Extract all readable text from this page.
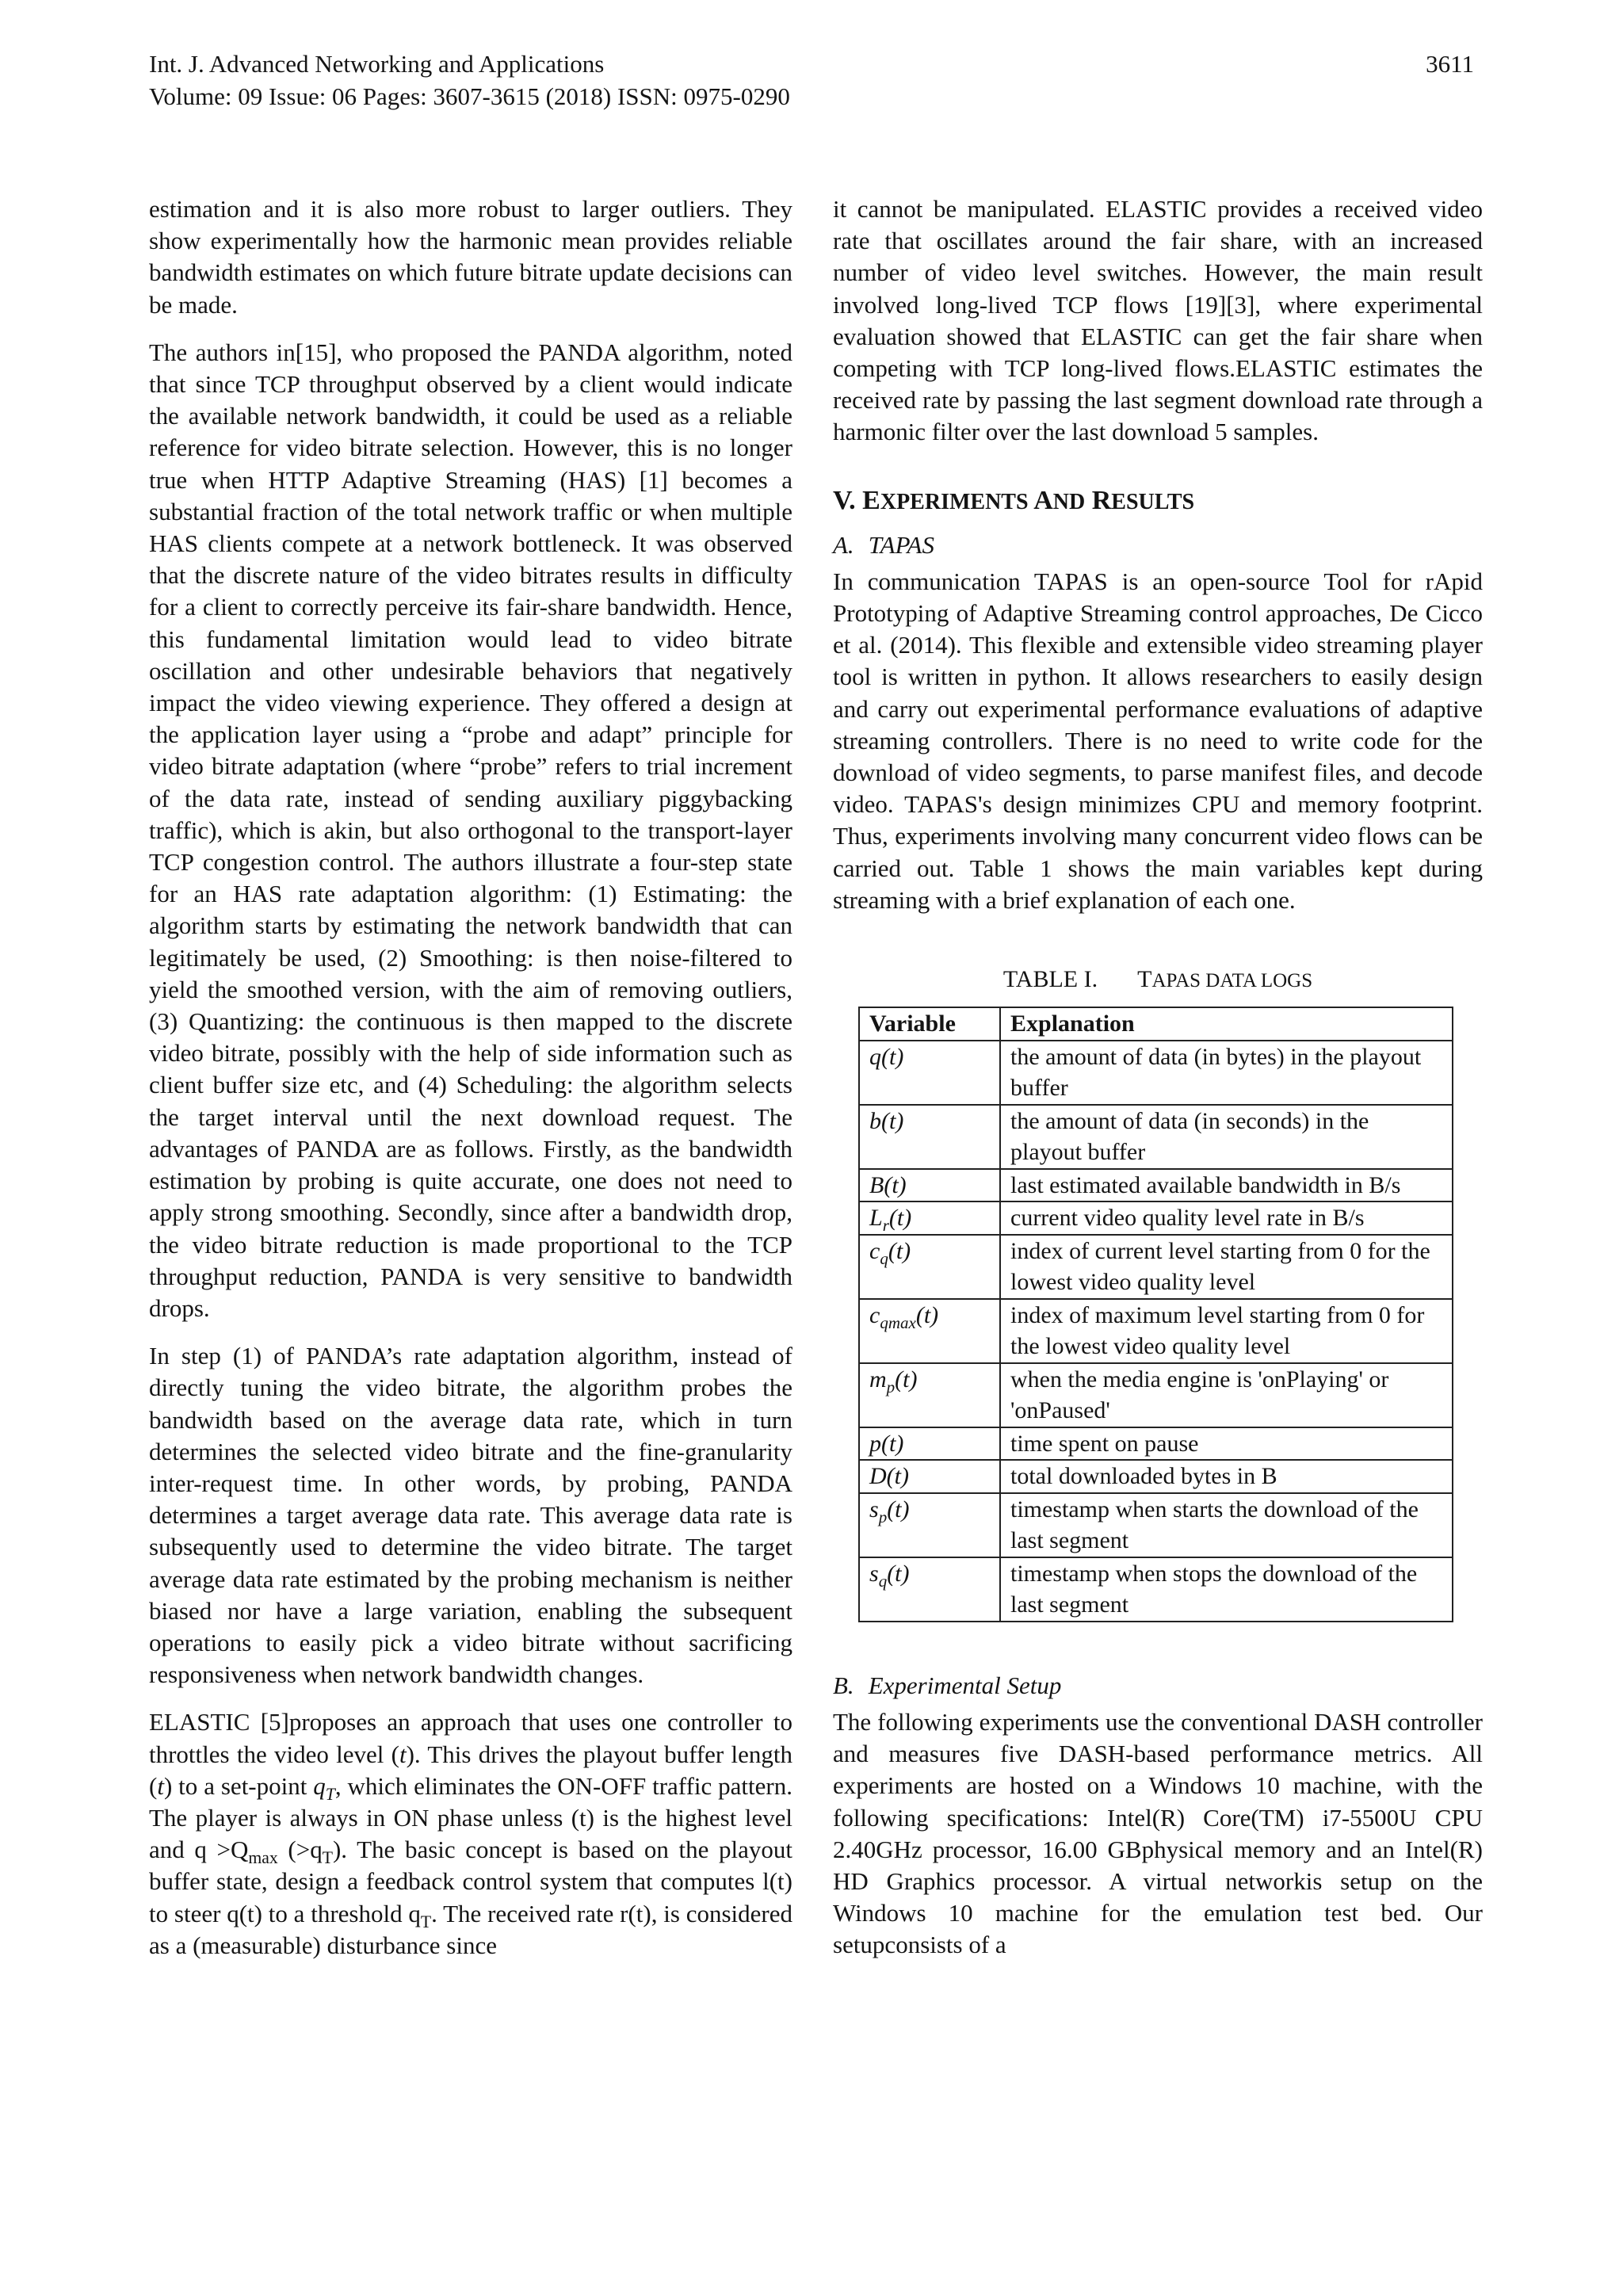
Int. J. Advanced Networking and Applications
Volume: 09 Issue: 06 Pages: 3607-3615 (2018) ISSN: 0975-0290
3611

estimation and it is also more robust to larger outliers. They show experimentally how the harmonic mean provides reliable bandwidth estimates on which future bitrate update decisions can be made.

The authors in[15], who proposed the PANDA algorithm, noted that since TCP throughput observed by a client would indicate the available network bandwidth, it could be used as a reliable reference for video bitrate selection. However, this is no longer true when HTTP Adaptive Streaming (HAS) [1] becomes a substantial fraction of the total network traffic or when multiple HAS clients compete at a network bottleneck. It was observed that the discrete nature of the video bitrates results in difficulty for a client to correctly perceive its fair-share bandwidth. Hence, this fundamental limitation would lead to video bitrate oscillation and other undesirable behaviors that negatively impact the video viewing experience. They offered a design at the application layer using a “probe and adapt” principle for video bitrate adaptation (where “probe” refers to trial increment of the data rate, instead of sending auxiliary piggybacking traffic), which is akin, but also orthogonal to the transport-layer TCP congestion control. The authors illustrate a four-step state for an HAS rate adaptation algorithm: (1) Estimating: the algorithm starts by estimating the network bandwidth that can legitimately be used, (2) Smoothing: is then noise-filtered to yield the smoothed version, with the aim of removing outliers, (3) Quantizing: the continuous is then mapped to the discrete video bitrate, possibly with the help of side information such as client buffer size etc, and (4) Scheduling: the algorithm selects the target interval until the next download request. The advantages of PANDA are as follows. Firstly, as the bandwidth estimation by probing is quite accurate, one does not need to apply strong smoothing. Secondly, since after a bandwidth drop, the video bitrate reduction is made proportional to the TCP throughput reduction, PANDA is very sensitive to bandwidth drops.

In step (1) of PANDA’s rate adaptation algorithm, instead of directly tuning the video bitrate, the algorithm probes the bandwidth based on the average data rate, which in turn determines the selected video bitrate and the fine-granularity inter-request time. In other words, by probing, PANDA determines a target average data rate. This average data rate is subsequently used to determine the video bitrate. The target average data rate estimated by the probing mechanism is neither biased nor have a large variation, enabling the subsequent operations to easily pick a video bitrate without sacrificing responsiveness when network bandwidth changes.

ELASTIC [5]proposes an approach that uses one controller to throttles the video level (t). This drives the playout buffer length (t) to a set-point $q_T$, which eliminates the ON-OFF traffic pattern. The player is always in ON phase unless (t) is the highest level and $q >Q_{max}$ $(>q_T)$. The basic concept is based on the playout buffer state, design a feedback control system that computes l(t) to steer q(t) to a threshold $q_T$. The received rate r(t), is considered as a (measurable) disturbance since

it cannot be manipulated. ELASTIC provides a received video rate that oscillates around the fair share, with an increased number of video level switches. However, the main result involved long-lived TCP flows [19][3], where experimental evaluation showed that ELASTIC can get the fair share when competing with TCP long-lived flows.ELASTIC estimates the received rate by passing the last segment download rate through a harmonic filter over the last download 5 samples.

V. EXPERIMENTS AND RESULTS
A. TAPAS

In communication TAPAS is an open-source Tool for rApid Prototyping of Adaptive Streaming control approaches, De Cicco et al. (2014). This flexible and extensible video streaming player tool is written in python. It allows researchers to easily design and carry out experimental performance evaluations of adaptive streaming controllers. There is no need to write code for the download of video segments, to parse manifest files, and decode video. TAPAS's design minimizes CPU and memory footprint. Thus, experiments involving many concurrent video flows can be carried out. Table 1 shows the main variables kept during streaming with a brief explanation of each one.

TABLE I. TAPAS DATA LOGS
Variable	Explanation
q(t)	the amount of data (in bytes) in the playout buffer
b(t)	the amount of data (in seconds) in the playout buffer
B(t)	last estimated available bandwidth in B/s
$L_r(t)$	current video quality level rate in B/s
$c_q(t)$	index of current level starting from 0 for the lowest video quality level
$c_{qmax}(t)$	index of maximum level starting from 0 for the lowest video quality level
$m_p(t)$	when the media engine is 'onPlaying' or 'onPaused'
p(t)	time spent on pause
D(t)	total downloaded bytes in B
$s_p(t)$	timestamp when starts the download of the last segment
$s_q(t)$	timestamp when stops the download of the last segment
B. Experimental Setup

The following experiments use the conventional DASH controller and measures five DASH-based performance metrics. All experiments are hosted on a Windows 10 machine, with the following specifications: Intel(R) Core(TM) i7-5500U CPU 2.40GHz processor, 16.00 GBphysical memory and an Intel(R) HD Graphics processor. A virtual networkis setup on the Windows 10 machine for the emulation test bed. Our setupconsists of a
